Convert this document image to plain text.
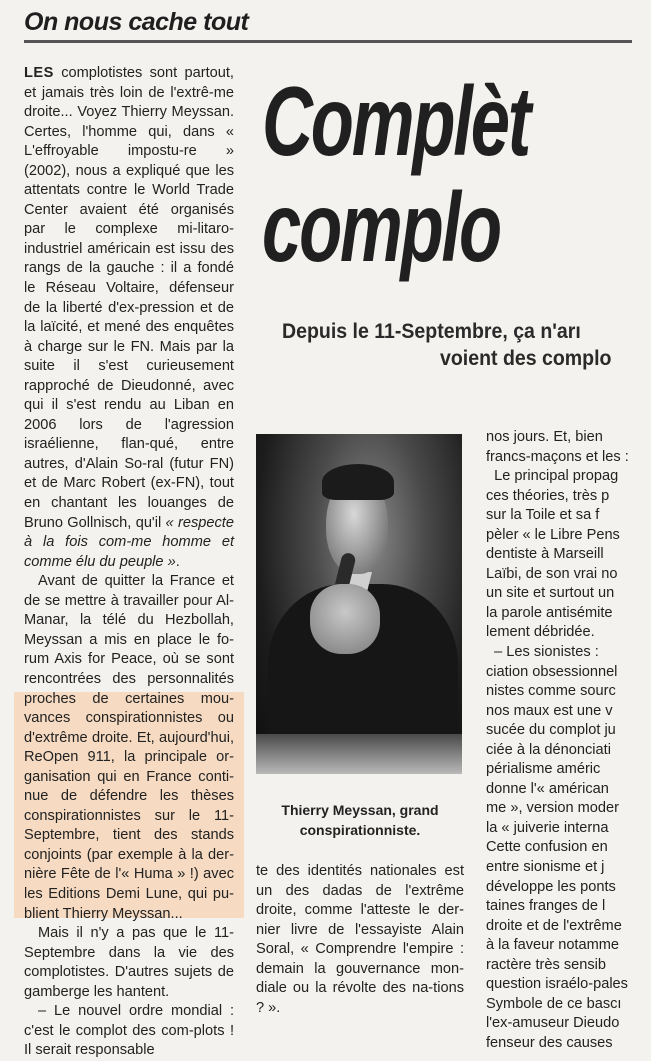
On nous cache tout

LES complotistes sont partout, et jamais très loin de l'extrê-me droite... Voyez Thierry Meyssan. Certes, l'homme qui, dans « L'effroyable impostu-re » (2002), nous a expliqué que les attentats contre le World Trade Center avaient été organisés par le complexe mi-litaro-industriel américain est issu des rangs de la gauche : il a fondé le Réseau Voltaire, défenseur de la liberté d'ex-pression et de la laïcité, et mené des enquêtes à charge sur le FN. Mais par la suite il s'est curieusement rapproché de Dieudonné, avec qui il s'est rendu au Liban en 2006 lors de l'agression israélienne, flan-qué, entre autres, d'Alain So-ral (futur FN) et de Marc Robert (ex-FN), tout en chantant les louanges de Bruno Gollnisch, qu'il « respecte à la fois com-me homme et comme élu du peuple ».

Avant de quitter la France et de se mettre à travailler pour Al-Manar, la télé du Hezbollah, Meyssan a mis en place le fo-rum Axis for Peace, où se sont rencontrées des personnalités proches de certaines mou-vances conspirationnistes ou d'extrême droite. Et, aujourd'hui, ReOpen 911, la principale or-ganisation qui en France conti-nue de défendre les thèses conspirationnistes sur le 11-Septembre, tient des stands conjoints (par exemple à la der-nière Fête de l'« Huma » !) avec les Editions Demi Lune, qui pu-blient Thierry Meyssan...

Mais il n'y a pas que le 11-Septembre dans la vie des complotistes. D'autres sujets de gamberge les hantent.

– Le nouvel ordre mondial : c'est le complot des com-plots ! Il serait responsable

Complèt
complo
Depuis le 11-Septembre, ça n'arı
voient des complo
Thierry Meyssan, grand
conspirationniste.

te des identités nationales est un des dadas de l'extrême droite, comme l'atteste le der-nier livre de l'essayiste Alain Soral, « Comprendre l'empire : demain la gouvernance mon-diale ou la révolte des na-tions ? ».

nos jours. Et, bien

francs-maçons et les :

Le principal propag

ces théories, très p

sur la Toile et sa f

pèler « le Libre Pens

dentiste à Marseill

Laïbi, de son vrai no

un site et surtout un

la parole antisémite

lement débridée.

– Les sionistes :

ciation obsessionnel

nistes comme sourc

nos maux est une v

sucée du complot ju

ciée à la dénonciati

périalisme améric

donne l'« américan

me », version moder

la « juiverie interna

Cette confusion en

entre sionisme et j

développe les ponts

taines franges de l

droite et de l'extrême

à la faveur notamme

ractère très sensib

question israélo-pales

Symbole de ce bascı

l'ex-amuseur Dieudo

fenseur des causes
